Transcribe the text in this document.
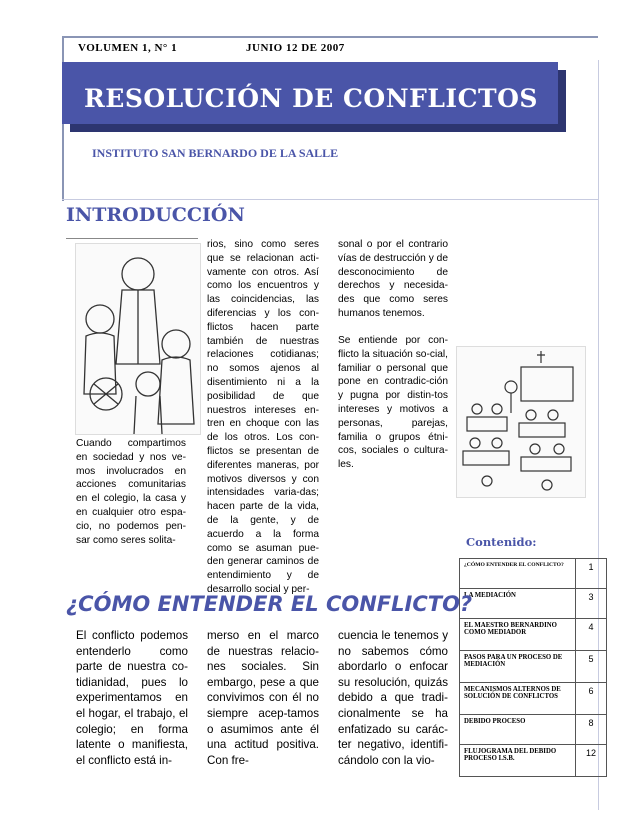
VOLUMEN 1, N° 1	JUNIO 12 DE 2007
RESOLUCIÓN DE CONFLICTOS
INSTITUTO SAN BERNARDO DE LA SALLE
INTRODUCCIÓN
Cuando compartimos en sociedad y nos ve-mos involucrados en acciones comunitarias en el colegio, la casa y en cualquier otro espa-cio, no podemos pen-sar como seres solita-
rios, sino como seres que se relacionan acti-vamente con otros. Así como los encuentros y las coincidencias, las diferencias y los con-flictos hacen parte también de nuestras relaciones cotidianas; no somos ajenos al disentimiento ni a la posibilidad de que nuestros intereses en-tren en choque con las de los otros. Los con-flictos se presentan de diferentes maneras, por motivos diversos y con intensidades varia-das; hacen parte de la vida, de la gente, y de acuerdo a la forma como se asuman pue-den generar caminos de entendimiento y de desarrollo social y per-
sonal o por el contrario vías de destrucción y de desconocimiento de derechos y necesida-des que como seres humanos tenemos.
Se entiende por con-flicto la situación so-cial, familiar o personal que pone en contradic-ción y pugna por distin-tos intereses y motivos a personas, parejas, familia o grupos étni-cos, sociales o cultura-les.
Contenido:
¿CÓMO ENTENDER EL CONFLICTO?	1
LA MEDIACIÓN	3
EL MAESTRO BERNARDINO COMO MEDIADOR	4
PASOS PARA UN PROCESO DE MEDIACIÓN	5
MECANISMOS ALTERNOS DE SOLUCIÓN DE CONFLICTOS	6
DEBIDO PROCESO	8
FLUJOGRAMA DEL DEBIDO PROCESO I.S.B.	12
¿CÓMO ENTENDER EL CONFLICTO?
El conflicto podemos entenderlo como parte de nuestra co-tidianidad, pues lo experimentamos en el hogar, el trabajo, el colegio; en forma latente o manifiesta, el conflicto está in-
merso en el marco de nuestras relacio-nes sociales. Sin embargo, pese a que convivimos con él no siempre acep-tamos o asumimos ante él una actitud positiva. Con fre-
cuencia le tenemos y no sabemos cómo abordarlo o enfocar su resolución, quizás debido a que tradi-cionalmente se ha enfatizado su carác-ter negativo, identifi-cándolo con la vio-
